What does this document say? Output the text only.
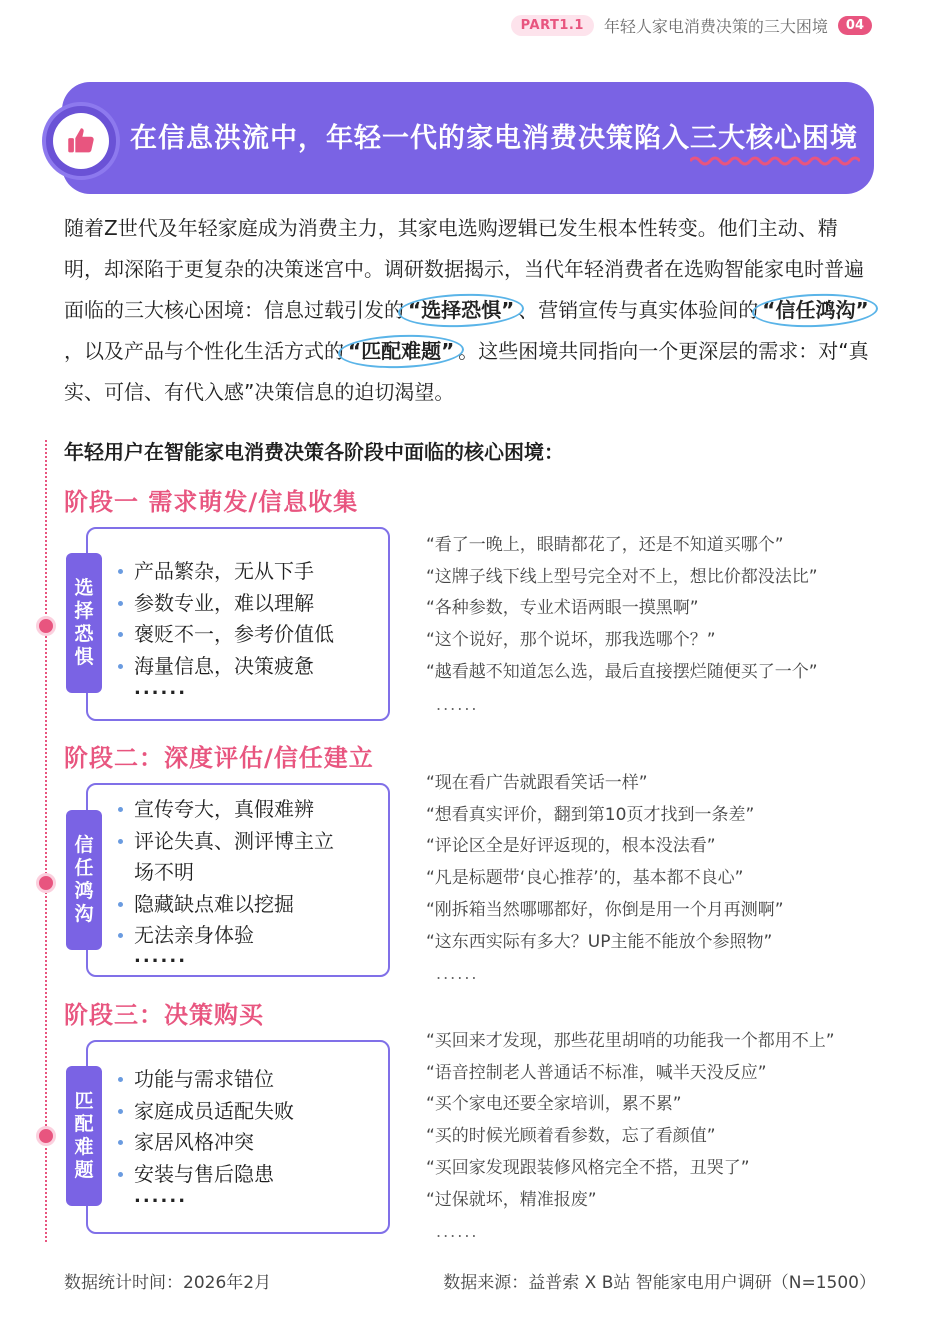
PART1.1	年轻人家电消费决策的三大困境	04
在信息洪流中，年轻一代的家电消费决策陷入三大核心困境
随着Z世代及年轻家庭成为消费主力，其家电选购逻辑已发生根本性转变。他们主动、精明，却深陷于更复杂的决策迷宫中。调研数据揭示，当代年轻消费者在选购智能家电时普遍面临的三大核心困境：信息过载引发的 “选择恐惧” 、营销宣传与真实体验间的 “信任鸿沟”，以及产品与个性化生活方式的 “匹配难题” 。这些困境共同指向一个更深层的需求：对“真实、可信、有代入感”决策信息的迫切渴望。
年轻用户在智能家电消费决策各阶段中面临的核心困境：
阶段一 需求萌发/信息收集
选
择
恐
惧
产品繁杂，无从下手
参数专业，难以理解
褒贬不一，参考价值低
海量信息，决策疲惫
......
“看了一晚上，眼睛都花了，还是不知道买哪个”
“这牌子线下线上型号完全对不上，想比价都没法比”
“各种参数，专业术语两眼一摸黑啊”
“这个说好，那个说坏，那我选哪个？”
“越看越不知道怎么选，最后直接摆烂随便买了一个”
......
阶段二：深度评估/信任建立
信
任
鸿
沟
宣传夸大，真假难辨
评论失真、测评博主立
场不明
隐藏缺点难以挖掘
无法亲身体验
......
“现在看广告就跟看笑话一样”
“想看真实评价，翻到第10页才找到一条差”
“评论区全是好评返现的，根本没法看”
“凡是标题带‘良心推荐’的，基本都不良心”
“刚拆箱当然哪哪都好，你倒是用一个月再测啊”
“这东西实际有多大？UP主能不能放个参照物”
......
阶段三：决策购买
匹
配
难
题
功能与需求错位
家庭成员适配失败
家居风格冲突
安装与售后隐患
......
“买回来才发现，那些花里胡哨的功能我一个都用不上”
“语音控制老人普通话不标准，喊半天没反应”
“买个家电还要全家培训，累不累”
“买的时候光顾着看参数，忘了看颜值”
“买回家发现跟装修风格完全不搭，丑哭了”
“过保就坏，精准报废”
......
数据统计时间：2026年2月	数据来源：益普索 X B站 智能家电用户调研（N=1500）
